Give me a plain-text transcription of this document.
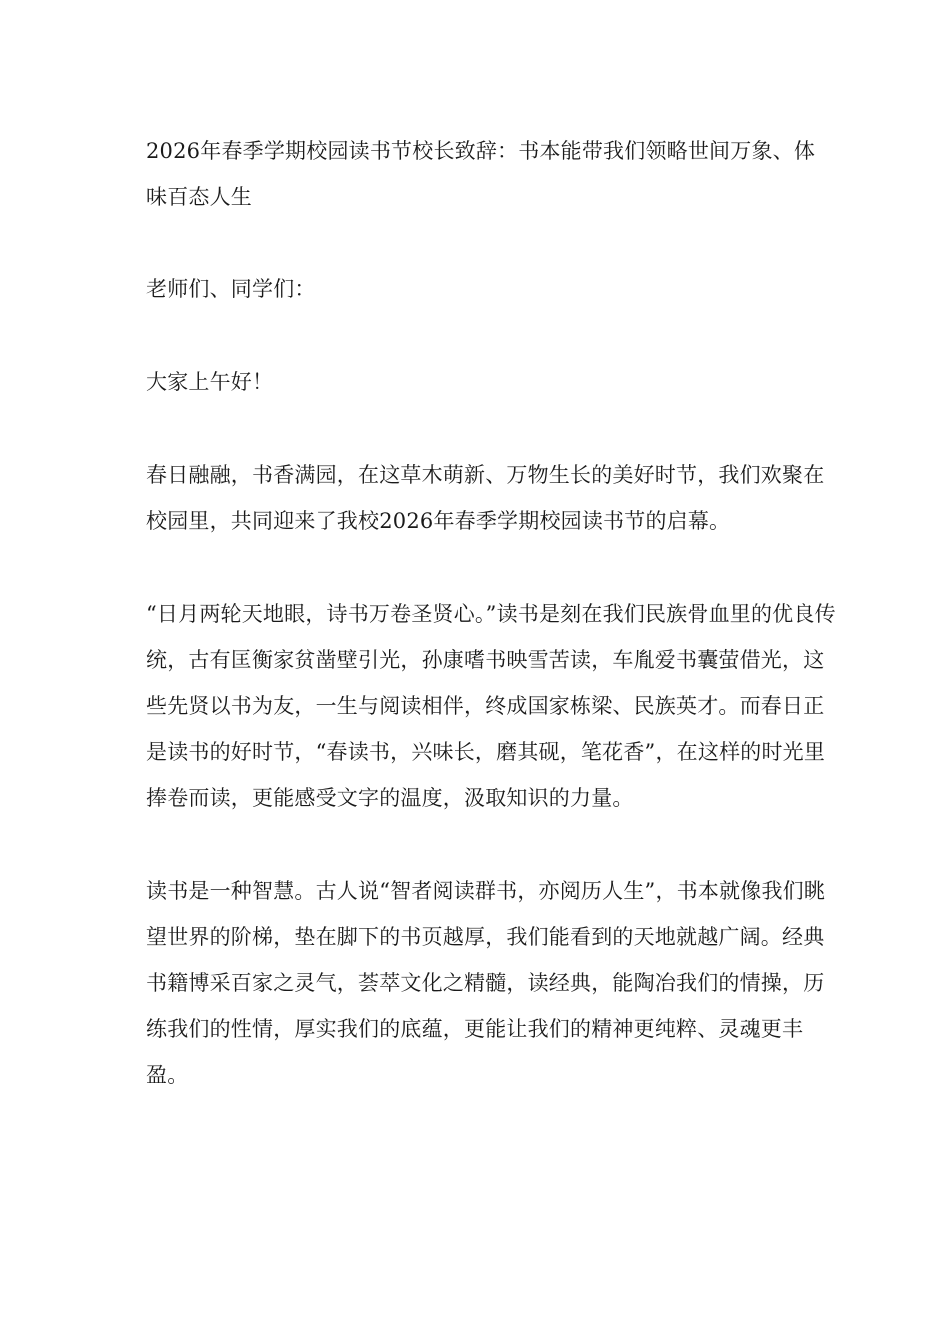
2026年春季学期校园读书节校长致辞：书本能带我们领略世间万象、体味百态人生

老师们、同学们：

大家上午好！

春日融融，书香满园，在这草木萌新、万物生长的美好时节，我们欢聚在校园里，共同迎来了我校2026年春季学期校园读书节的启幕。

“日月两轮天地眼，诗书万卷圣贤心。”读书是刻在我们民族骨血里的优良传统，古有匡衡家贫凿壁引光，孙康嗜书映雪苦读，车胤爱书囊萤借光，这些先贤以书为友，一生与阅读相伴，终成国家栋梁、民族英才。而春日正是读书的好时节，“春读书，兴味长，磨其砚，笔花香”，在这样的时光里捧卷而读，更能感受文字的温度，汲取知识的力量。

读书是一种智慧。古人说“智者阅读群书，亦阅历人生”，书本就像我们眺望世界的阶梯，垫在脚下的书页越厚，我们能看到的天地就越广阔。经典书籍博采百家之灵气，荟萃文化之精髓，读经典，能陶冶我们的情操，历练我们的性情，厚实我们的底蕴，更能让我们的精神更纯粹、灵魂更丰盈。
